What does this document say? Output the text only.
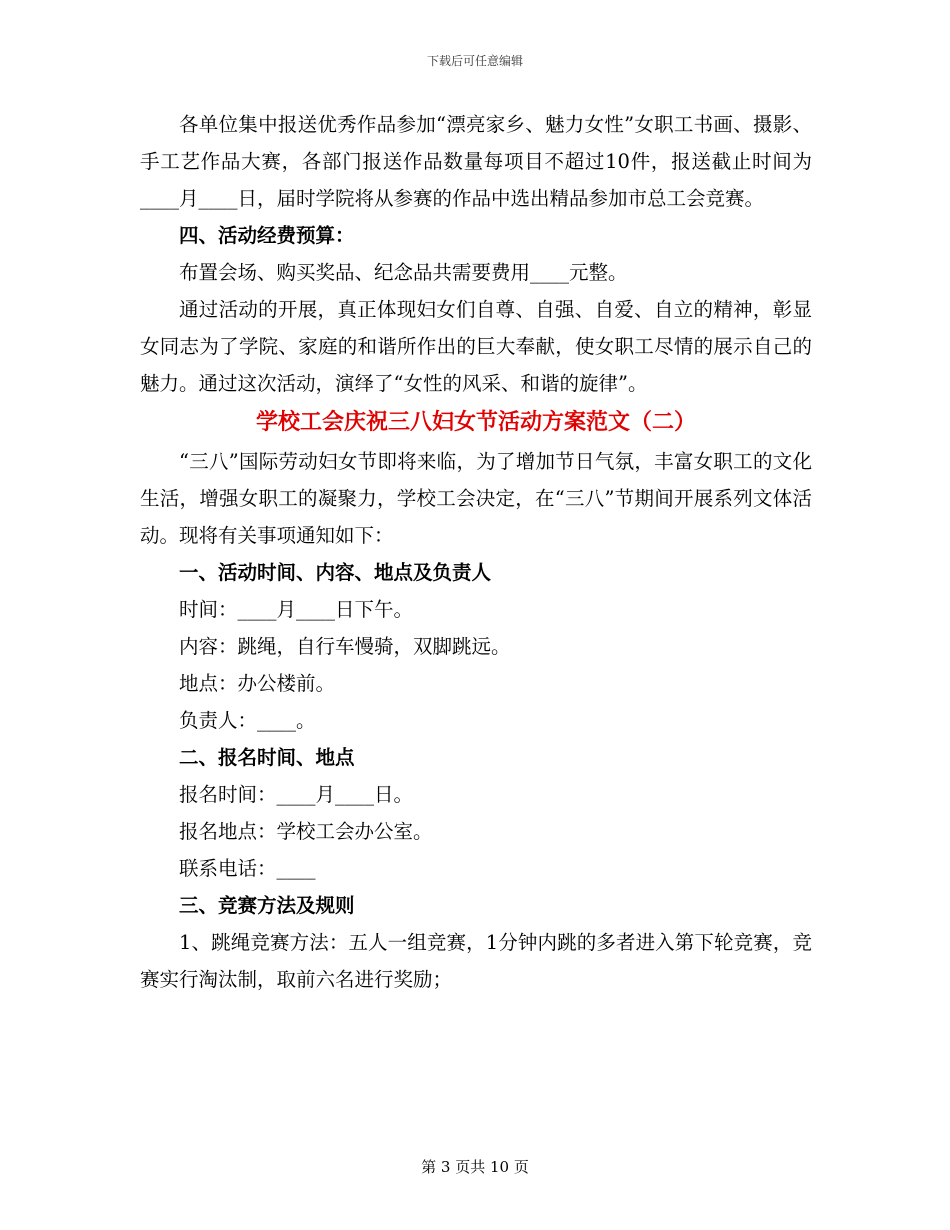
下载后可任意编辑

各单位集中报送优秀作品参加“漂亮家乡、魅力女性”女职工书画、摄影、手工艺作品大赛，各部门报送作品数量每项目不超过10件，报送截止时间为____月____日，届时学院将从参赛的作品中选出精品参加市总工会竞赛。

四、活动经费预算：
布置会场、购买奖品、纪念品共需要费用____元整。

通过活动的开展，真正体现妇女们自尊、自强、自爱、自立的精神，彰显女同志为了学院、家庭的和谐所作出的巨大奉献，使女职工尽情的展示自己的魅力。通过这次活动，演绎了“女性的风采、和谐的旋律”。

学校工会庆祝三八妇女节活动方案范文（二）

“三八”国际劳动妇女节即将来临，为了增加节日气氛，丰富女职工的文化生活，增强女职工的凝聚力，学校工会决定，在“三八”节期间开展系列文体活动。现将有关事项通知如下：

一、活动时间、内容、地点及负责人
时间：____月____日下午。
内容：跳绳，自行车慢骑，双脚跳远。
地点：办公楼前。
负责人：____。
二、报名时间、地点
报名时间：____月____日。
报名地点：学校工会办公室。
联系电话：____
三、竞赛方法及规则

1、跳绳竞赛方法：五人一组竞赛，1分钟内跳的多者进入第下轮竞赛，竞赛实行淘汰制，取前六名进行奖励；

第 3 页共 10 页
